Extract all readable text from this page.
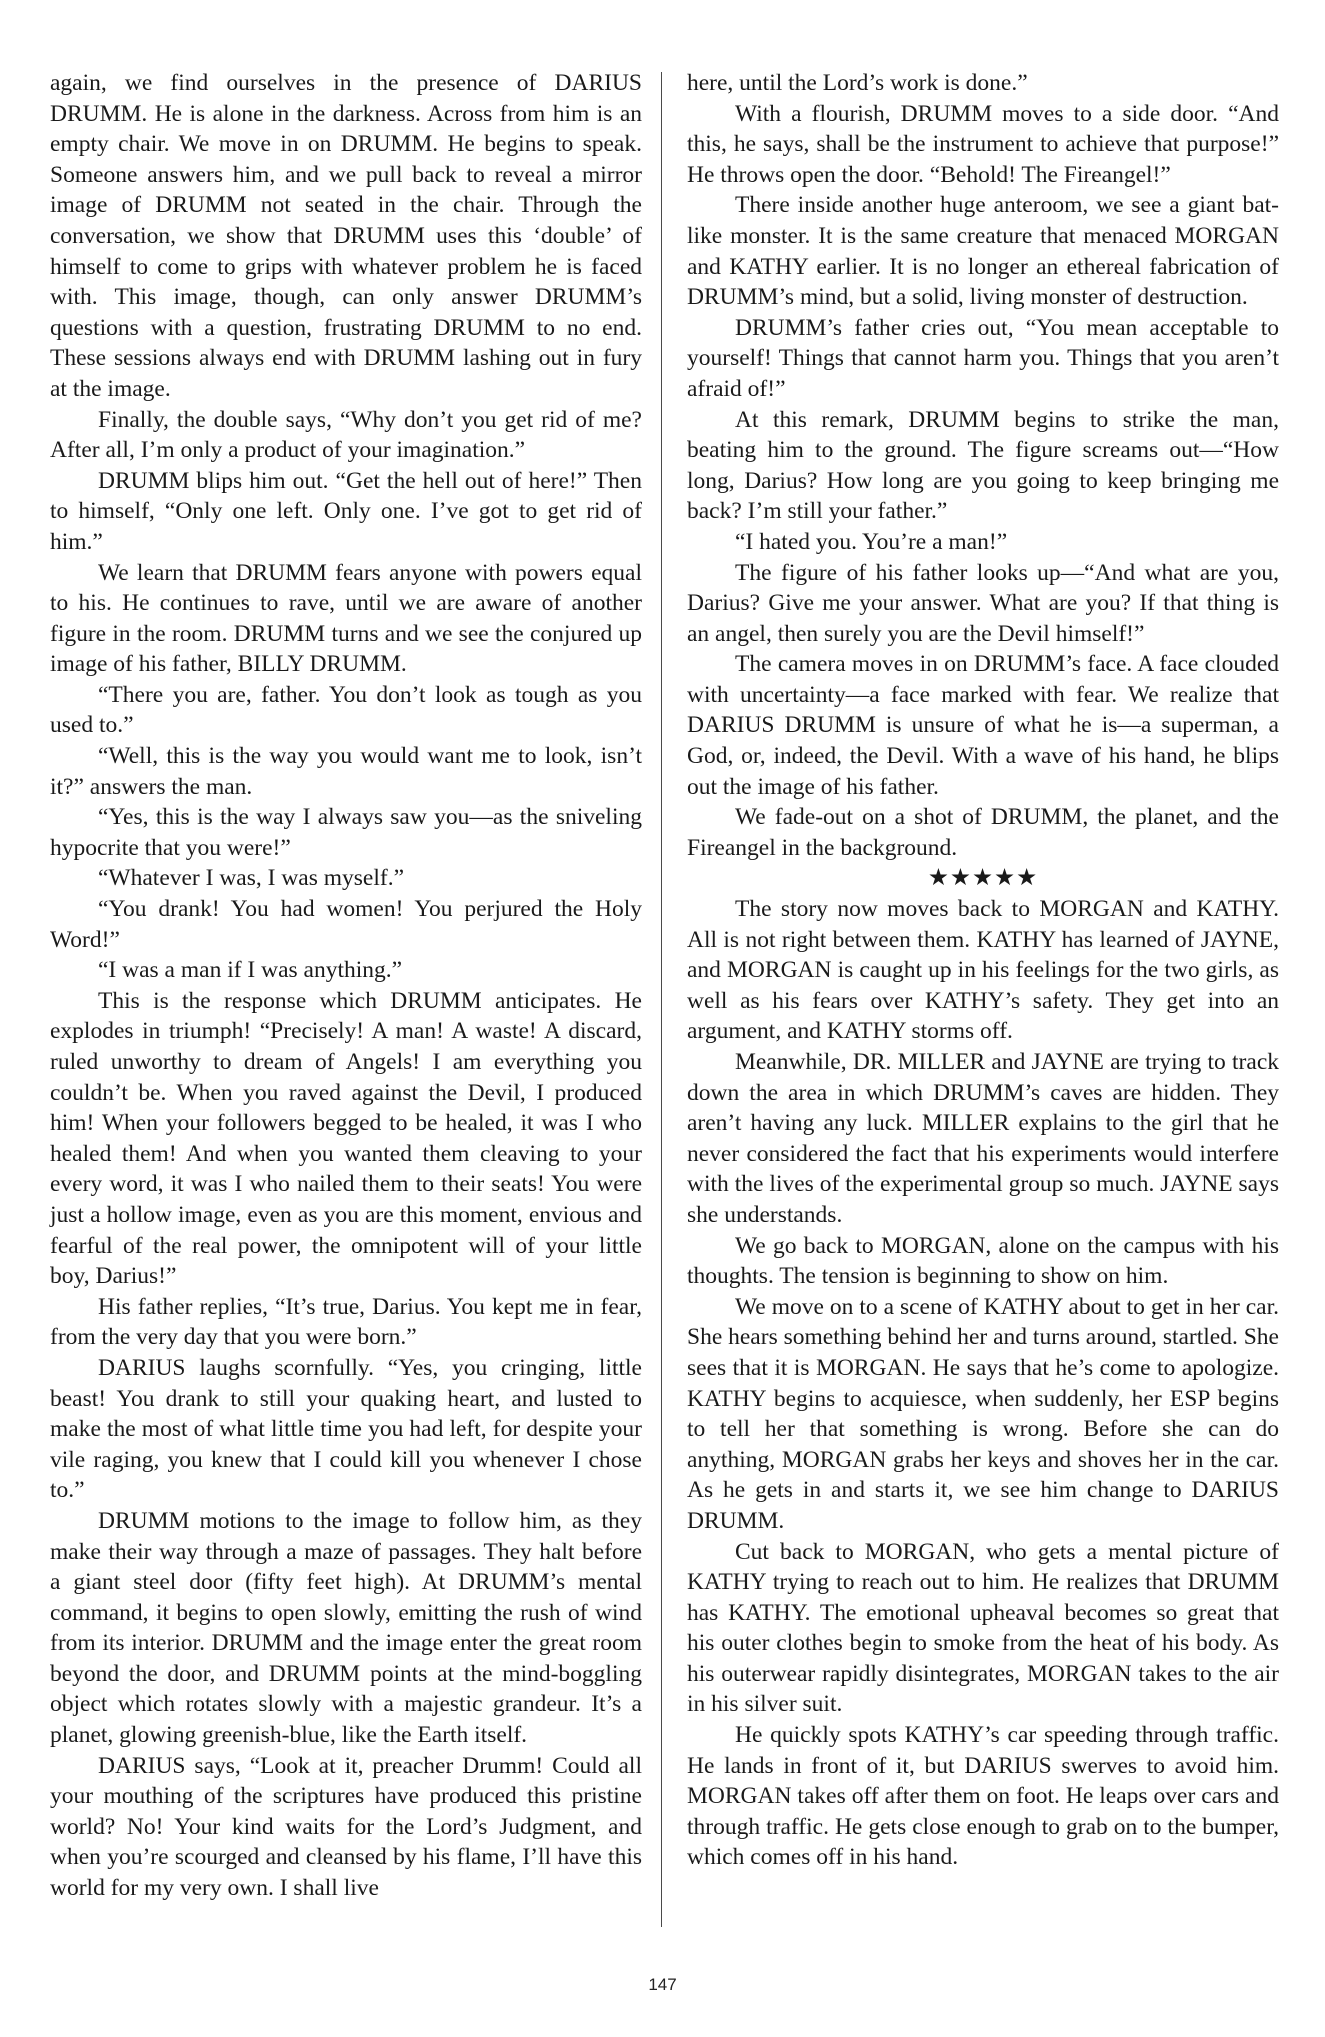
again, we find ourselves in the presence of DARIUS DRUMM. He is alone in the darkness. Across from him is an empty chair. We move in on DRUMM. He begins to speak. Someone answers him, and we pull back to reveal a mirror image of DRUMM not seated in the chair. Through the conversation, we show that DRUMM uses this ‘double’ of himself to come to grips with whatever problem he is faced with. This image, though, can only answer DRUMM’s questions with a question, frustrating DRUMM to no end. These sessions always end with DRUMM lashing out in fury at the image.

Finally, the double says, “Why don’t you get rid of me? After all, I’m only a product of your imagination.”

DRUMM blips him out. “Get the hell out of here!” Then to himself, “Only one left. Only one. I’ve got to get rid of him.”

We learn that DRUMM fears anyone with powers equal to his. He continues to rave, until we are aware of another figure in the room. DRUMM turns and we see the conjured up image of his father, BILLY DRUMM.

“There you are, father. You don’t look as tough as you used to.”

“Well, this is the way you would want me to look, isn’t it?” answers the man.

“Yes, this is the way I always saw you—as the sniveling hypocrite that you were!”

“Whatever I was, I was myself.”

“You drank! You had women! You perjured the Holy Word!”

“I was a man if I was anything.”

This is the response which DRUMM anticipates. He explodes in triumph! “Precisely! A man! A waste! A discard, ruled unworthy to dream of Angels! I am everything you couldn’t be. When you raved against the Devil, I produced him! When your followers begged to be healed, it was I who healed them! And when you wanted them cleaving to your every word, it was I who nailed them to their seats! You were just a hollow image, even as you are this moment, envious and fearful of the real power, the omnipotent will of your little boy, Darius!”

His father replies, “It’s true, Darius. You kept me in fear, from the very day that you were born.”

DARIUS laughs scornfully. “Yes, you cringing, little beast! You drank to still your quaking heart, and lusted to make the most of what little time you had left, for despite your vile raging, you knew that I could kill you whenever I chose to.”

DRUMM motions to the image to follow him, as they make their way through a maze of passages. They halt before a giant steel door (fifty feet high). At DRUMM’s mental command, it begins to open slowly, emitting the rush of wind from its interior. DRUMM and the image enter the great room beyond the door, and DRUMM points at the mind-boggling object which rotates slowly with a majestic grandeur. It’s a planet, glowing greenish-blue, like the Earth itself.

DARIUS says, “Look at it, preacher Drumm! Could all your mouthing of the scriptures have produced this pristine world? No! Your kind waits for the Lord’s Judgment, and when you’re scourged and cleansed by his flame, I’ll have this world for my very own. I shall live

here, until the Lord’s work is done.”

With a flourish, DRUMM moves to a side door. “And this, he says, shall be the instrument to achieve that purpose!” He throws open the door. “Behold! The Fireangel!”

There inside another huge anteroom, we see a giant bat-like monster. It is the same creature that menaced MORGAN and KATHY earlier. It is no longer an ethereal fabrication of DRUMM’s mind, but a solid, living monster of destruction.

DRUMM’s father cries out, “You mean acceptable to yourself! Things that cannot harm you. Things that you aren’t afraid of!”

At this remark, DRUMM begins to strike the man, beating him to the ground. The figure screams out—“How long, Darius? How long are you going to keep bringing me back? I’m still your father.”

“I hated you. You’re a man!”

The figure of his father looks up—“And what are you, Darius? Give me your answer. What are you? If that thing is an angel, then surely you are the Devil himself!”

The camera moves in on DRUMM’s face. A face clouded with uncertainty—a face marked with fear. We realize that DARIUS DRUMM is unsure of what he is—a superman, a God, or, indeed, the Devil. With a wave of his hand, he blips out the image of his father.

We fade-out on a shot of DRUMM, the planet, and the Fireangel in the background.

★★★★★

The story now moves back to MORGAN and KATHY. All is not right between them. KATHY has learned of JAYNE, and MORGAN is caught up in his feelings for the two girls, as well as his fears over KATHY’s safety. They get into an argument, and KATHY storms off.

Meanwhile, DR. MILLER and JAYNE are trying to track down the area in which DRUMM’s caves are hidden. They aren’t having any luck. MILLER explains to the girl that he never considered the fact that his experiments would interfere with the lives of the experimental group so much. JAYNE says she understands.

We go back to MORGAN, alone on the campus with his thoughts. The tension is beginning to show on him.

We move on to a scene of KATHY about to get in her car. She hears something behind her and turns around, startled. She sees that it is MORGAN. He says that he’s come to apologize. KATHY begins to acquiesce, when suddenly, her ESP begins to tell her that something is wrong. Before she can do anything, MORGAN grabs her keys and shoves her in the car. As he gets in and starts it, we see him change to DARIUS DRUMM.

Cut back to MORGAN, who gets a mental picture of KATHY trying to reach out to him. He realizes that DRUMM has KATHY. The emotional upheaval becomes so great that his outer clothes begin to smoke from the heat of his body. As his outerwear rapidly disintegrates, MORGAN takes to the air in his silver suit.

He quickly spots KATHY’s car speeding through traffic. He lands in front of it, but DARIUS swerves to avoid him. MORGAN takes off after them on foot. He leaps over cars and through traffic. He gets close enough to grab on to the bumper, which comes off in his hand.

147
